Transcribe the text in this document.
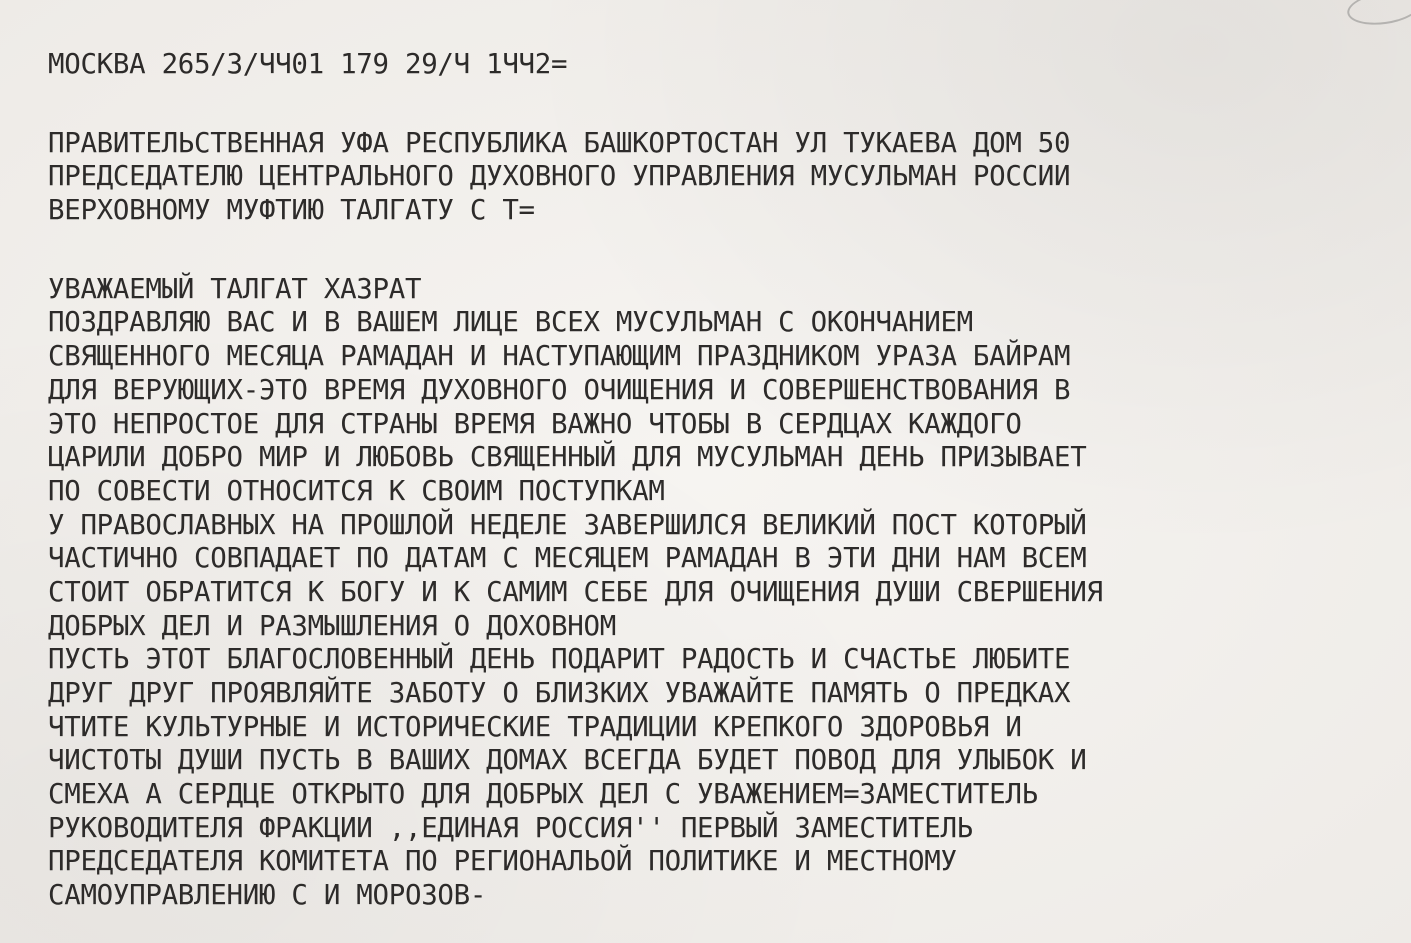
МОСКВА 265/3/ЧЧ01 179 29/Ч 1ЧЧ2=
ПРАВИТЕЛЬСТВЕННАЯ УФА РЕСПУБЛИКА БАШКОРТОСТАН УЛ ТУКАЕВА ДОМ 50
ПРЕДСЕДАТЕЛЮ ЦЕНТРАЛЬНОГО ДУХОВНОГО УПРАВЛЕНИЯ МУСУЛЬМАН РОССИИ
ВЕРХОВНОМУ МУФТИЮ ТАЛГАТУ С Т=
УВАЖАЕМЫЙ ТАЛГАТ ХАЗРАТ
ПОЗДРАВЛЯЮ ВАС И В ВАШЕМ ЛИЦЕ ВСЕХ МУСУЛЬМАН С ОКОНЧАНИЕМ
СВЯЩЕННОГО МЕСЯЦА РАМАДАН И НАСТУПАЮЩИМ ПРАЗДНИКОМ УРАЗА БАЙРАМ
ДЛЯ ВЕРУЮЩИХ-ЭТО ВРЕМЯ ДУХОВНОГО ОЧИЩЕНИЯ И СОВЕРШЕНСТВОВАНИЯ В
ЭТО НЕПРОСТОЕ ДЛЯ СТРАНЫ ВРЕМЯ ВАЖНО ЧТОБЫ В СЕРДЦАХ КАЖДОГО
ЦАРИЛИ ДОБРО МИР И ЛЮБОВЬ СВЯЩЕННЫЙ ДЛЯ МУСУЛЬМАН ДЕНЬ ПРИЗЫВАЕТ
ПО СОВЕСТИ ОТНОСИТСЯ К СВОИМ ПОСТУПКАМ
У ПРАВОСЛАВНЫХ НА ПРОШЛОЙ НЕДЕЛЕ ЗАВЕРШИЛСЯ ВЕЛИКИЙ ПОСТ КОТОРЫЙ
ЧАСТИЧНО СОВПАДАЕТ ПО ДАТАМ С МЕСЯЦЕМ РАМАДАН В ЭТИ ДНИ НАМ ВСЕМ
СТОИТ ОБРАТИТСЯ К БОГУ И К САМИМ СЕБЕ ДЛЯ ОЧИЩЕНИЯ ДУШИ СВЕРШЕНИЯ
ДОБРЫХ ДЕЛ И РАЗМЫШЛЕНИЯ О ДОХОВНОМ
ПУСТЬ ЭТОТ БЛАГОСЛОВЕННЫЙ ДЕНЬ ПОДАРИТ РАДОСТЬ И СЧАСТЬЕ ЛЮБИТЕ
ДРУГ ДРУГ ПРОЯВЛЯЙТЕ ЗАБОТУ О БЛИЗКИХ УВАЖАЙТЕ ПАМЯТЬ О ПРЕДКАХ
ЧТИТЕ КУЛЬТУРНЫЕ И ИСТОРИЧЕСКИЕ ТРАДИЦИИ КРЕПКОГО ЗДОРОВЬЯ И
ЧИСТОТЫ ДУШИ ПУСТЬ В ВАШИХ ДОМАХ ВСЕГДА БУДЕТ ПОВОД ДЛЯ УЛЫБОК И
СМЕХА А СЕРДЦЕ ОТКРЫТО ДЛЯ ДОБРЫХ ДЕЛ С УВАЖЕНИЕМ=ЗАМЕСТИТЕЛЬ
РУКОВОДИТЕЛЯ ФРАКЦИИ ,,ЕДИНАЯ РОССИЯ'' ПЕРВЫЙ ЗАМЕСТИТЕЛЬ
ПРЕДСЕДАТЕЛЯ КОМИТЕТА ПО РЕГИОНАЛЬОЙ ПОЛИТИКЕ И МЕСТНОМУ
САМОУПРАВЛЕНИЮ С И МОРОЗОВ-
